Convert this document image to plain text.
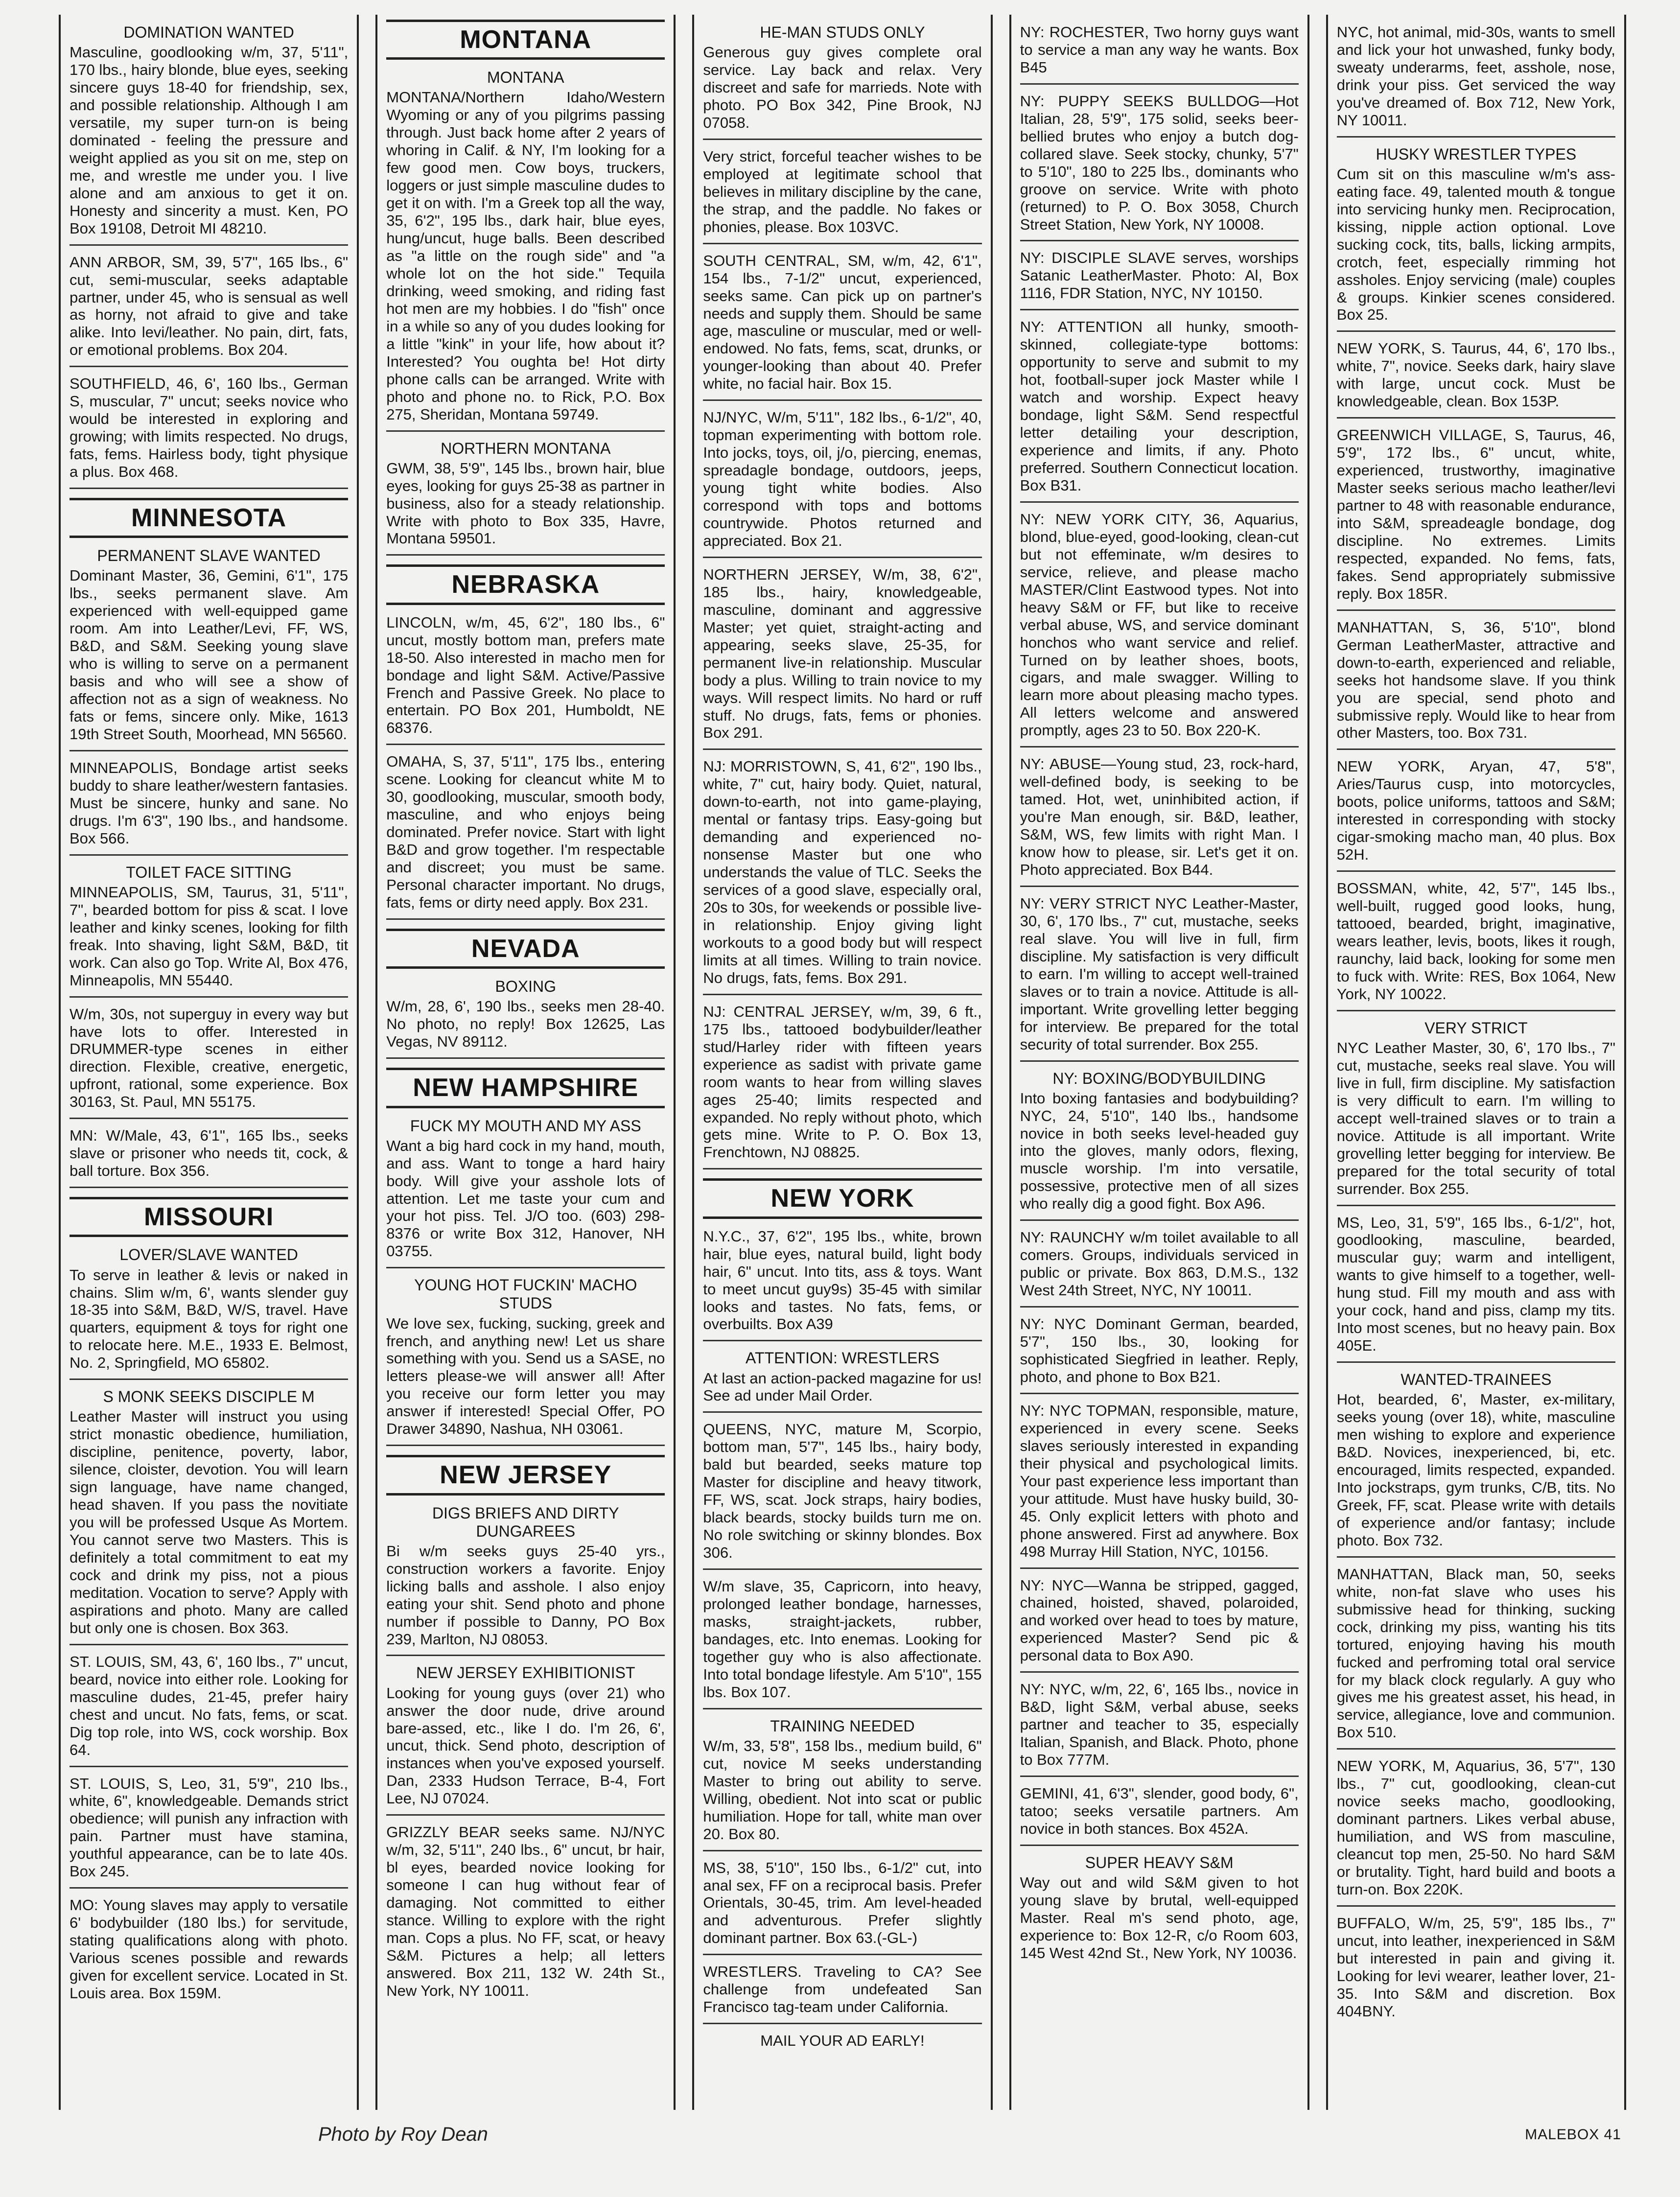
DOMINATION WANTED
Masculine, goodlooking w/m, 37, 5'11", 170 lbs., hairy blonde, blue eyes, seeking sincere guys 18-40 for friendship, sex, and possible relationship. Although I am versatile, my super turn-on is being dominated - feeling the pressure and weight applied as you sit on me, step on me, and wrestle me under you. I live alone and am anxious to get it on. Honesty and sincerity a must. Ken, PO Box 19108, Detroit MI 48210.
ANN ARBOR, SM, 39, 5'7", 165 lbs., 6" cut, semi-muscular, seeks adaptable partner, under 45, who is sensual as well as horny, not afraid to give and take alike. Into levi/leather. No pain, dirt, fats, or emotional problems. Box 204.
SOUTHFIELD, 46, 6', 160 lbs., German S, muscular, 7" uncut; seeks novice who would be interested in exploring and growing; with limits respected. No drugs, fats, fems. Hairless body, tight physique a plus. Box 468.
MINNESOTA
PERMANENT SLAVE WANTED
Dominant Master, 36, Gemini, 6'1", 175 lbs., seeks permanent slave. Am experienced with well-equipped game room. Am into Leather/Levi, FF, WS, B&D, and S&M. Seeking young slave who is willing to serve on a permanent basis and who will see a show of affection not as a sign of weakness. No fats or fems, sincere only. Mike, 1613 19th Street South, Moorhead, MN 56560.
MINNEAPOLIS, Bondage artist seeks buddy to share leather/western fantasies. Must be sincere, hunky and sane. No drugs. I'm 6'3", 190 lbs., and handsome. Box 566.
TOILET FACE SITTING
MINNEAPOLIS, SM, Taurus, 31, 5'11", 7", bearded bottom for piss & scat. I love leather and kinky scenes, looking for filth freak. Into shaving, light S&M, B&D, tit work. Can also go Top. Write Al, Box 476, Minneapolis, MN 55440.
W/m, 30s, not superguy in every way but have lots to offer. Interested in DRUMMER-type scenes in either direction. Flexible, creative, energetic, upfront, rational, some experience. Box 30163, St. Paul, MN 55175.
MN: W/Male, 43, 6'1", 165 lbs., seeks slave or prisoner who needs tit, cock, & ball torture. Box 356.
MISSOURI
LOVER/SLAVE WANTED
To serve in leather & levis or naked in chains. Slim w/m, 6', wants slender guy 18-35 into S&M, B&D, W/S, travel. Have quarters, equipment & toys for right one to relocate here. M.E., 1933 E. Belmost, No. 2, Springfield, MO 65802.
S MONK SEEKS DISCIPLE M
Leather Master will instruct you using strict monastic obedience, humiliation, discipline, penitence, poverty, labor, silence, cloister, devotion. You will learn sign language, have name changed, head shaven. If you pass the novitiate you will be professed Usque As Mortem. You cannot serve two Masters. This is definitely a total commitment to eat my cock and drink my piss, not a pious meditation. Vocation to serve? Apply with aspirations and photo. Many are called but only one is chosen. Box 363.
ST. LOUIS, SM, 43, 6', 160 lbs., 7" uncut, beard, novice into either role. Looking for masculine dudes, 21-45, prefer hairy chest and uncut. No fats, fems, or scat. Dig top role, into WS, cock worship. Box 64.
ST. LOUIS, S, Leo, 31, 5'9", 210 lbs., white, 6", knowledgeable. Demands strict obedience; will punish any infraction with pain. Partner must have stamina, youthful appearance, can be to late 40s. Box 245.
MO: Young slaves may apply to versatile 6' bodybuilder (180 lbs.) for servitude, stating qualifications along with photo. Various scenes possible and rewards given for excellent service. Located in St. Louis area. Box 159M.
MONTANA
MONTANA
MONTANA/Northern Idaho/Western Wyoming or any of you pilgrims passing through. Just back home after 2 years of whoring in Calif. & NY, I'm looking for a few good men. Cow boys, truckers, loggers or just simple masculine dudes to get it on with. I'm a Greek top all the way, 35, 6'2", 195 lbs., dark hair, blue eyes, hung/uncut, huge balls. Been described as "a little on the rough side" and "a whole lot on the hot side." Tequila drinking, weed smoking, and riding fast hot men are my hobbies. I do "fish" once in a while so any of you dudes looking for a little "kink" in your life, how about it? Interested? You oughta be! Hot dirty phone calls can be arranged. Write with photo and phone no. to Rick, P.O. Box 275, Sheridan, Montana 59749.
NORTHERN MONTANA
GWM, 38, 5'9", 145 lbs., brown hair, blue eyes, looking for guys 25-38 as partner in business, also for a steady relationship. Write with photo to Box 335, Havre, Montana 59501.
NEBRASKA
LINCOLN, w/m, 45, 6'2", 180 lbs., 6" uncut, mostly bottom man, prefers mate 18-50. Also interested in macho men for bondage and light S&M. Active/Passive French and Passive Greek. No place to entertain. PO Box 201, Humboldt, NE 68376.
OMAHA, S, 37, 5'11", 175 lbs., entering scene. Looking for cleancut white M to 30, goodlooking, muscular, smooth body, masculine, and who enjoys being dominated. Prefer novice. Start with light B&D and grow together. I'm respectable and discreet; you must be same. Personal character important. No drugs, fats, fems or dirty need apply. Box 231.
NEVADA
BOXING
W/m, 28, 6', 190 lbs., seeks men 28-40. No photo, no reply! Box 12625, Las Vegas, NV 89112.
NEW HAMPSHIRE
FUCK MY MOUTH AND MY ASS
Want a big hard cock in my hand, mouth, and ass. Want to tonge a hard hairy body. Will give your asshole lots of attention. Let me taste your cum and your hot piss. Tel. J/O too. (603) 298-8376 or write Box 312, Hanover, NH 03755.
YOUNG HOT FUCKIN' MACHO STUDS
We love sex, fucking, sucking, greek and french, and anything new! Let us share something with you. Send us a SASE, no letters please-we will answer all! After you receive our form letter you may answer if interested! Special Offer, PO Drawer 34890, Nashua, NH 03061.
NEW JERSEY
DIGS BRIEFS AND DIRTY DUNGAREES
Bi w/m seeks guys 25-40 yrs., construction workers a favorite. Enjoy licking balls and asshole. I also enjoy eating your shit. Send photo and phone number if possible to Danny, PO Box 239, Marlton, NJ 08053.
NEW JERSEY EXHIBITIONIST
Looking for young guys (over 21) who answer the door nude, drive around bare-assed, etc., like I do. I'm 26, 6', uncut, thick. Send photo, description of instances when you've exposed yourself. Dan, 2333 Hudson Terrace, B-4, Fort Lee, NJ 07024.
GRIZZLY BEAR seeks same. NJ/NYC w/m, 32, 5'11", 240 lbs., 6" uncut, br hair, bl eyes, bearded novice looking for someone I can hug without fear of damaging. Not committed to either stance. Willing to explore with the right man. Cops a plus. No FF, scat, or heavy S&M. Pictures a help; all letters answered. Box 211, 132 W. 24th St., New York, NY 10011.
HE-MAN STUDS ONLY
Generous guy gives complete oral service. Lay back and relax. Very discreet and safe for marrieds. Note with photo. PO Box 342, Pine Brook, NJ 07058.
Very strict, forceful teacher wishes to be employed at legitimate school that believes in military discipline by the cane, the strap, and the paddle. No fakes or phonies, please. Box 103VC.
SOUTH CENTRAL, SM, w/m, 42, 6'1", 154 lbs., 7-1/2" uncut, experienced, seeks same. Can pick up on partner's needs and supply them. Should be same age, masculine or muscular, med or well-endowed. No fats, fems, scat, drunks, or younger-looking than about 40. Prefer white, no facial hair. Box 15.
NJ/NYC, W/m, 5'11", 182 lbs., 6-1/2", 40, topman experimenting with bottom role. Into jocks, toys, oil, j/o, piercing, enemas, spreadagle bondage, outdoors, jeeps, young tight white bodies. Also correspond with tops and bottoms countrywide. Photos returned and appreciated. Box 21.
NORTHERN JERSEY, W/m, 38, 6'2", 185 lbs., hairy, knowledgeable, masculine, dominant and aggressive Master; yet quiet, straight-acting and appearing, seeks slave, 25-35, for permanent live-in relationship. Muscular body a plus. Willing to train novice to my ways. Will respect limits. No hard or ruff stuff. No drugs, fats, fems or phonies. Box 291.
NJ: MORRISTOWN, S, 41, 6'2", 190 lbs., white, 7" cut, hairy body. Quiet, natural, down-to-earth, not into game-playing, mental or fantasy trips. Easy-going but demanding and experienced no-nonsense Master but one who understands the value of TLC. Seeks the services of a good slave, especially oral, 20s to 30s, for weekends or possible live-in relationship. Enjoy giving light workouts to a good body but will respect limits at all times. Willing to train novice. No drugs, fats, fems. Box 291.
NJ: CENTRAL JERSEY, w/m, 39, 6 ft., 175 lbs., tattooed bodybuilder/leather stud/Harley rider with fifteen years experience as sadist with private game room wants to hear from willing slaves ages 25-40; limits respected and expanded. No reply without photo, which gets mine. Write to P. O. Box 13, Frenchtown, NJ 08825.
NEW YORK
N.Y.C., 37, 6'2", 195 lbs., white, brown hair, blue eyes, natural build, light body hair, 6" uncut. Into tits, ass & toys. Want to meet uncut guy9s) 35-45 with similar looks and tastes. No fats, fems, or overbuilts. Box A39
ATTENTION: WRESTLERS
At last an action-packed magazine for us! See ad under Mail Order.
QUEENS, NYC, mature M, Scorpio, bottom man, 5'7", 145 lbs., hairy body, bald but bearded, seeks mature top Master for discipline and heavy titwork, FF, WS, scat. Jock straps, hairy bodies, black beards, stocky builds turn me on. No role switching or skinny blondes. Box 306.
W/m slave, 35, Capricorn, into heavy, prolonged leather bondage, harnesses, masks, straight-jackets, rubber, bandages, etc. Into enemas. Looking for together guy who is also affectionate. Into total bondage lifestyle. Am 5'10", 155 lbs. Box 107.
TRAINING NEEDED
W/m, 33, 5'8", 158 lbs., medium build, 6" cut, novice M seeks understanding Master to bring out ability to serve. Willing, obedient. Not into scat or public humiliation. Hope for tall, white man over 20. Box 80.
MS, 38, 5'10", 150 lbs., 6-1/2" cut, into anal sex, FF on a reciprocal basis. Prefer Orientals, 30-45, trim. Am level-headed and adventurous. Prefer slightly dominant partner. Box 63.(-GL-)
WRESTLERS. Traveling to CA? See challenge from undefeated San Francisco tag-team under California.
MAIL YOUR AD EARLY!
NY: ROCHESTER, Two horny guys want to service a man any way he wants. Box B45
NY: PUPPY SEEKS BULLDOG—Hot Italian, 28, 5'9", 175 solid, seeks beer-bellied brutes who enjoy a butch dog-collared slave. Seek stocky, chunky, 5'7" to 5'10", 180 to 225 lbs., dominants who groove on service. Write with photo (returned) to P. O. Box 3058, Church Street Station, New York, NY 10008.
NY: DISCIPLE SLAVE serves, worships Satanic LeatherMaster. Photo: Al, Box 1116, FDR Station, NYC, NY 10150.
NY: ATTENTION all hunky, smooth-skinned, collegiate-type bottoms: opportunity to serve and submit to my hot, football-super jock Master while I watch and worship. Expect heavy bondage, light S&M. Send respectful letter detailing your description, experience and limits, if any. Photo preferred. Southern Connecticut location. Box B31.
NY: NEW YORK CITY, 36, Aquarius, blond, blue-eyed, good-looking, clean-cut but not effeminate, w/m desires to service, relieve, and please macho MASTER/Clint Eastwood types. Not into heavy S&M or FF, but like to receive verbal abuse, WS, and service dominant honchos who want service and relief. Turned on by leather shoes, boots, cigars, and male swagger. Willing to learn more about pleasing macho types. All letters welcome and answered promptly, ages 23 to 50. Box 220-K.
NY: ABUSE—Young stud, 23, rock-hard, well-defined body, is seeking to be tamed. Hot, wet, uninhibited action, if you're Man enough, sir. B&D, leather, S&M, WS, few limits with right Man. I know how to please, sir. Let's get it on. Photo appreciated. Box B44.
NY: VERY STRICT NYC Leather-Master, 30, 6', 170 lbs., 7" cut, mustache, seeks real slave. You will live in full, firm discipline. My satisfaction is very difficult to earn. I'm willing to accept well-trained slaves or to train a novice. Attitude is all-important. Write grovelling letter begging for interview. Be prepared for the total security of total surrender. Box 255.
NY: BOXING/BODYBUILDING
Into boxing fantasies and bodybuilding? NYC, 24, 5'10", 140 lbs., handsome novice in both seeks level-headed guy into the gloves, manly odors, flexing, muscle worship. I'm into versatile, possessive, protective men of all sizes who really dig a good fight. Box A96.
NY: RAUNCHY w/m toilet available to all comers. Groups, individuals serviced in public or private. Box 863, D.M.S., 132 West 24th Street, NYC, NY 10011.
NY: NYC Dominant German, bearded, 5'7", 150 lbs., 30, looking for sophisticated Siegfried in leather. Reply, photo, and phone to Box B21.
NY: NYC TOPMAN, responsible, mature, experienced in every scene. Seeks slaves seriously interested in expanding their physical and psychological limits. Your past experience less important than your attitude. Must have husky build, 30-45. Only explicit letters with photo and phone answered. First ad anywhere. Box 498 Murray Hill Station, NYC, 10156.
NY: NYC—Wanna be stripped, gagged, chained, hoisted, shaved, polaroided, and worked over head to toes by mature, experienced Master? Send pic & personal data to Box A90.
NY: NYC, w/m, 22, 6', 165 lbs., novice in B&D, light S&M, verbal abuse, seeks partner and teacher to 35, especially Italian, Spanish, and Black. Photo, phone to Box 777M.
GEMINI, 41, 6'3", slender, good body, 6", tatoo; seeks versatile partners. Am novice in both stances. Box 452A.
SUPER HEAVY S&M
Way out and wild S&M given to hot young slave by brutal, well-equipped Master. Real m's send photo, age, experience to: Box 12-R, c/o Room 603, 145 West 42nd St., New York, NY 10036.
NYC, hot animal, mid-30s, wants to smell and lick your hot unwashed, funky body, sweaty underarms, feet, asshole, nose, drink your piss. Get serviced the way you've dreamed of. Box 712, New York, NY 10011.
HUSKY WRESTLER TYPES
Cum sit on this masculine w/m's ass-eating face. 49, talented mouth & tongue into servicing hunky men. Reciprocation, kissing, nipple action optional. Love sucking cock, tits, balls, licking armpits, crotch, feet, especially rimming hot assholes. Enjoy servicing (male) couples & groups. Kinkier scenes considered. Box 25.
NEW YORK, S. Taurus, 44, 6', 170 lbs., white, 7", novice. Seeks dark, hairy slave with large, uncut cock. Must be knowledgeable, clean. Box 153P.
GREENWICH VILLAGE, S, Taurus, 46, 5'9", 172 lbs., 6" uncut, white, experienced, trustworthy, imaginative Master seeks serious macho leather/levi partner to 48 with reasonable endurance, into S&M, spreadeagle bondage, dog discipline. No extremes. Limits respected, expanded. No fems, fats, fakes. Send appropriately submissive reply. Box 185R.
MANHATTAN, S, 36, 5'10", blond German LeatherMaster, attractive and down-to-earth, experienced and reliable, seeks hot handsome slave. If you think you are special, send photo and submissive reply. Would like to hear from other Masters, too. Box 731.
NEW YORK, Aryan, 47, 5'8", Aries/Taurus cusp, into motorcycles, boots, police uniforms, tattoos and S&M; interested in corresponding with stocky cigar-smoking macho man, 40 plus. Box 52H.
BOSSMAN, white, 42, 5'7", 145 lbs., well-built, rugged good looks, hung, tattooed, bearded, bright, imaginative, wears leather, levis, boots, likes it rough, raunchy, laid back, looking for some men to fuck with. Write: RES, Box 1064, New York, NY 10022.
VERY STRICT
NYC Leather Master, 30, 6', 170 lbs., 7" cut, mustache, seeks real slave. You will live in full, firm discipline. My satisfaction is very difficult to earn. I'm willing to accept well-trained slaves or to train a novice. Attitude is all important. Write grovelling letter begging for interview. Be prepared for the total security of total surrender. Box 255.
MS, Leo, 31, 5'9", 165 lbs., 6-1/2", hot, goodlooking, masculine, bearded, muscular guy; warm and intelligent, wants to give himself to a together, well-hung stud. Fill my mouth and ass with your cock, hand and piss, clamp my tits. Into most scenes, but no heavy pain. Box 405E.
WANTED-TRAINEES
Hot, bearded, 6', Master, ex-military, seeks young (over 18), white, masculine men wishing to explore and experience B&D. Novices, inexperienced, bi, etc. encouraged, limits respected, expanded. Into jockstraps, gym trunks, C/B, tits. No Greek, FF, scat. Please write with details of experience and/or fantasy; include photo. Box 732.
MANHATTAN, Black man, 50, seeks white, non-fat slave who uses his submissive head for thinking, sucking cock, drinking my piss, wanting his tits tortured, enjoying having his mouth fucked and perfroming total oral service for my black clock regularly. A guy who gives me his greatest asset, his head, in service, allegiance, love and communion. Box 510.
NEW YORK, M, Aquarius, 36, 5'7", 130 lbs., 7" cut, goodlooking, clean-cut novice seeks macho, goodlooking, dominant partners. Likes verbal abuse, humiliation, and WS from masculine, cleancut top men, 25-50. No hard S&M or brutality. Tight, hard build and boots a turn-on. Box 220K.
BUFFALO, W/m, 25, 5'9", 185 lbs., 7" uncut, into leather, inexperienced in S&M but interested in pain and giving it. Looking for levi wearer, leather lover, 21-35. Into S&M and discretion. Box 404BNY.
Photo by Roy Dean	MALEBOX 41
